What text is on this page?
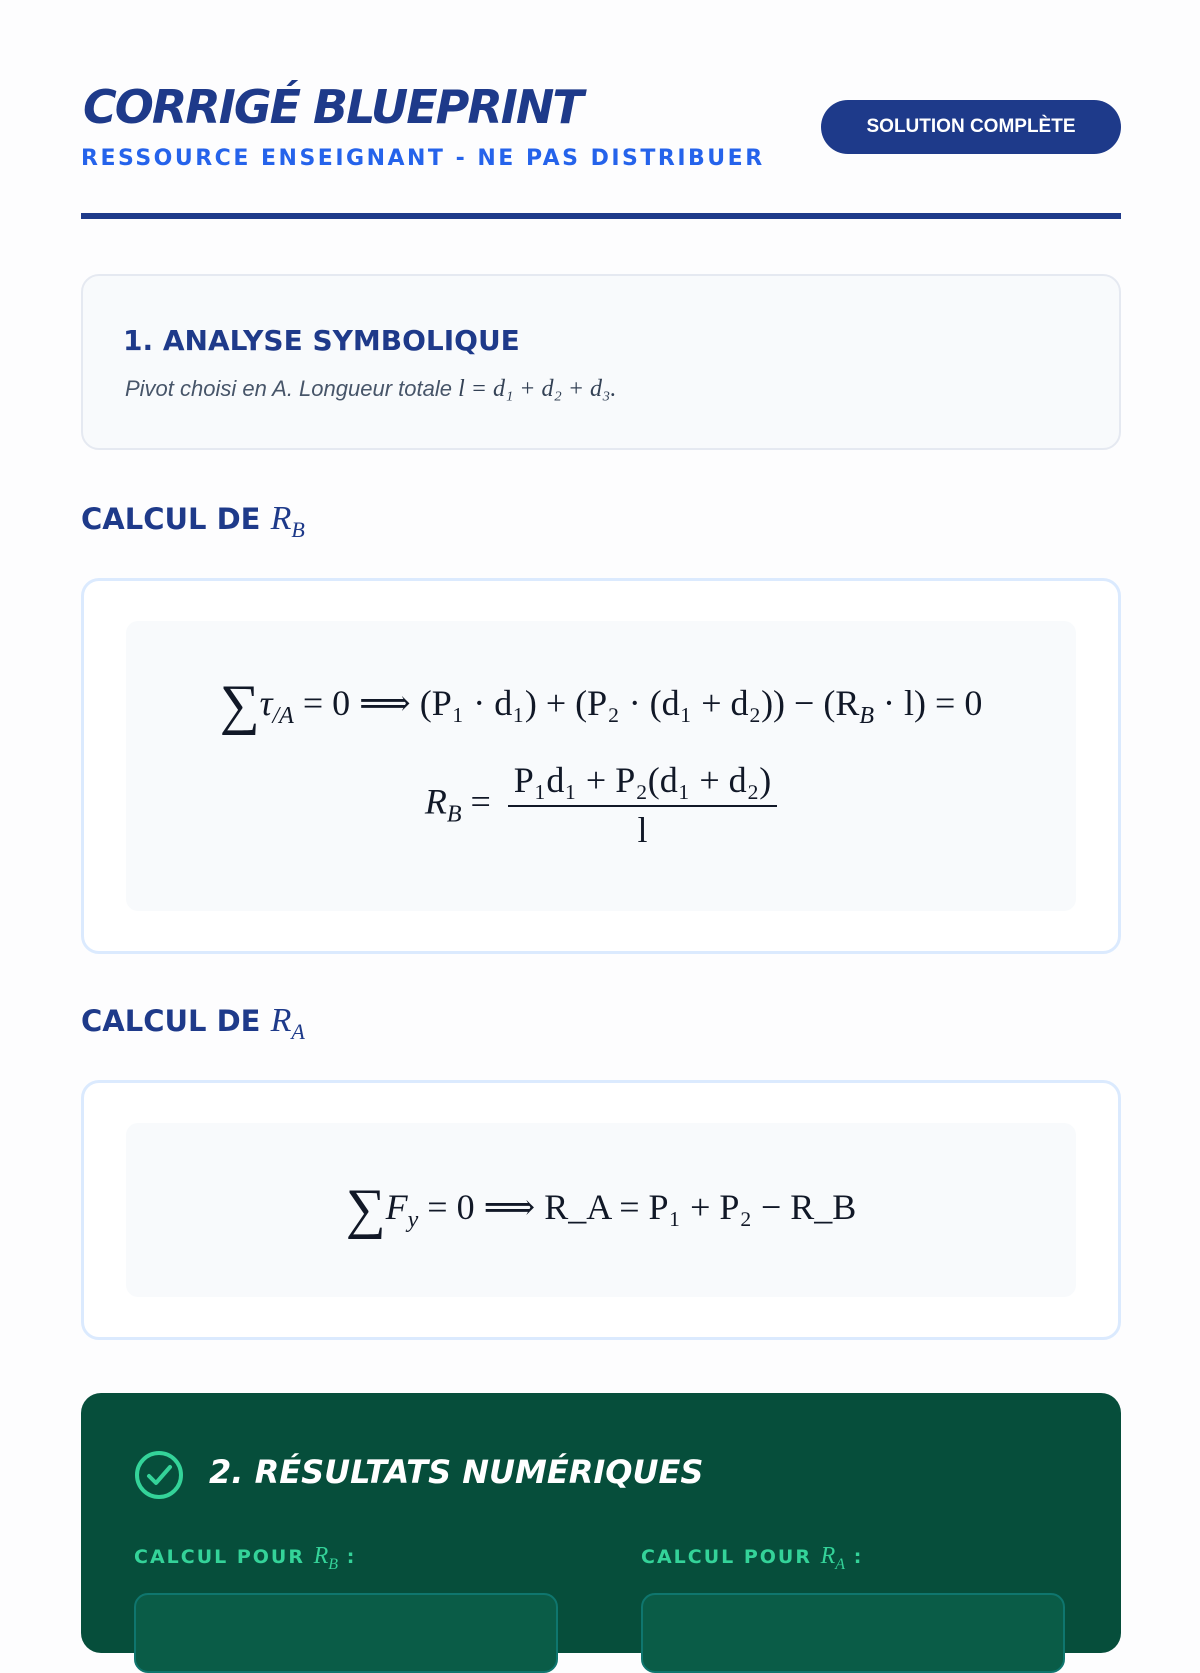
CORRIGÉ BLUEPRINT
RESSOURCE ENSEIGNANT - NE PAS DISTRIBUER
SOLUTION COMPLÈTE
1. ANALYSE SYMBOLIQUE

Pivot choisi en A. Longueur totale l = d₁ + d₂ + d₃.

CALCUL DE $R_B$
$\sum\tau_{/A} = 0$ ⟹ $(P_1 \cdot d_1) + (P_2 \cdot (d_1 + d_2)) - (R_B \cdot l) = 0$
$R_B = \frac{\text{P₁d₁ + P₂(d₁ + d₂)}}{l}$
CALCUL DE $R_A$
$\sum F_y = 0$ ⟹ R_A = P₁ + P₂ − R_B
2. RÉSULTATS NUMÉRIQUES
CALCUL POUR $R_B$ :	CALCUL POUR $R_A$ :
